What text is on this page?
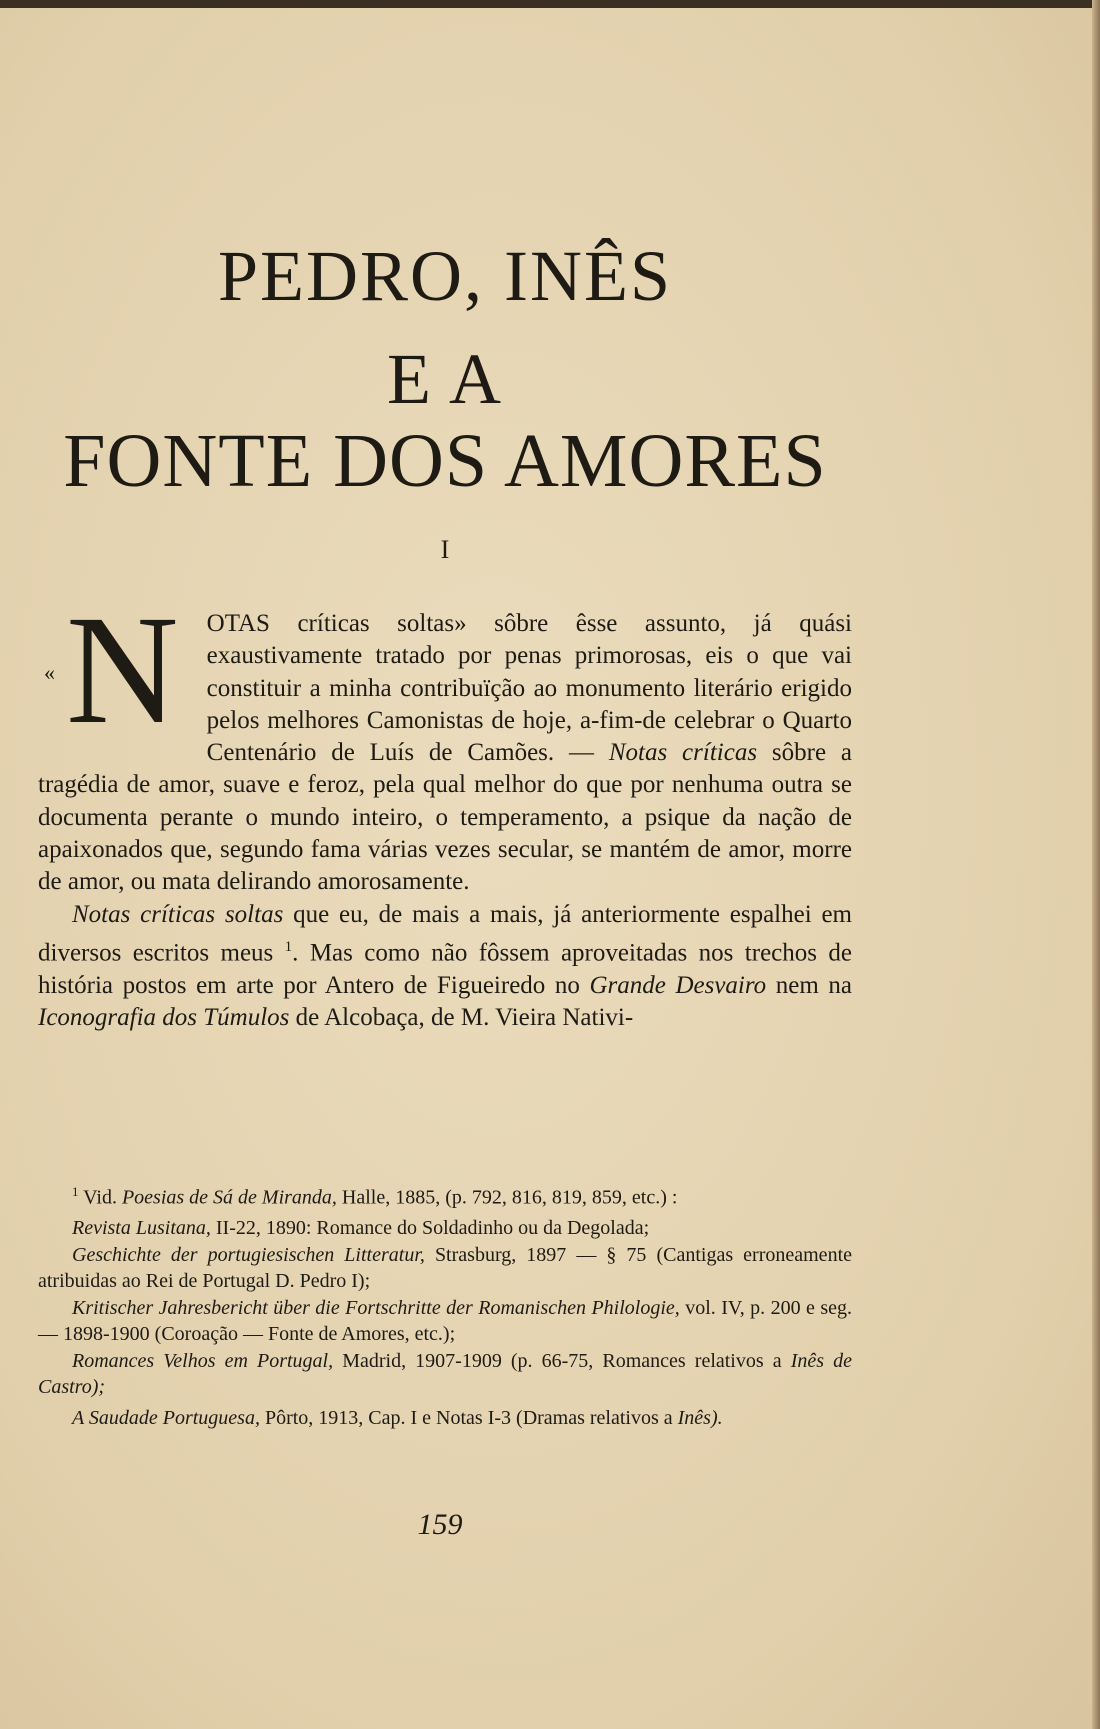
PEDRO, INÊS
E A
FONTE DOS AMORES
I
« N OTAS críticas soltas» sôbre êsse assunto, já quási exaustivamente tratado por penas primorosas, eis o que vai constituir a minha contribuïção ao monumento literário erigido pelos melhores Camonistas de hoje, a-fim-de celebrar o Quarto Centenário de Luís de Camões. — Notas críticas sôbre a tragédia de amor, suave e feroz, pela qual melhor do que por nenhuma outra se documenta perante o mundo inteiro, o temperamento, a psique da nação de apaixonados que, segundo fama várias vezes secular, se mantém de amor, morre de amor, ou mata delirando amorosamente.

Notas críticas soltas que eu, de mais a mais, já anteriormente espalhei em diversos escritos meus $^1$. Mas como não fôssem aproveitadas nos trechos de história postos em arte por Antero de Figueiredo no Grande Desvairo nem na Iconografia dos Túmulos de Alcobaça, de M. Vieira Nativi-

$^1$ Vid. Poesias de Sá de Miranda, Halle, 1885, (p. 792, 816, 819, 859, etc.) :

Revista Lusitana, II-22, 1890: Romance do Soldadinho ou da Degolada;

Geschichte der portugiesischen Litteratur, Strasburg, 1897 — § 75 (Cantigas erroneamente atribuidas ao Rei de Portugal D. Pedro I);

Kritischer Jahresbericht über die Fortschritte der Romanischen Philologie, vol. IV, p. 200 e seg. — 1898-1900 (Coroação — Fonte de Amores, etc.);

Romances Velhos em Portugal, Madrid, 1907-1909 (p. 66-75, Romances relativos a Inês de Castro);

A Saudade Portuguesa, Pôrto, 1913, Cap. I e Notas I-3 (Dramas relativos a Inês).

159
